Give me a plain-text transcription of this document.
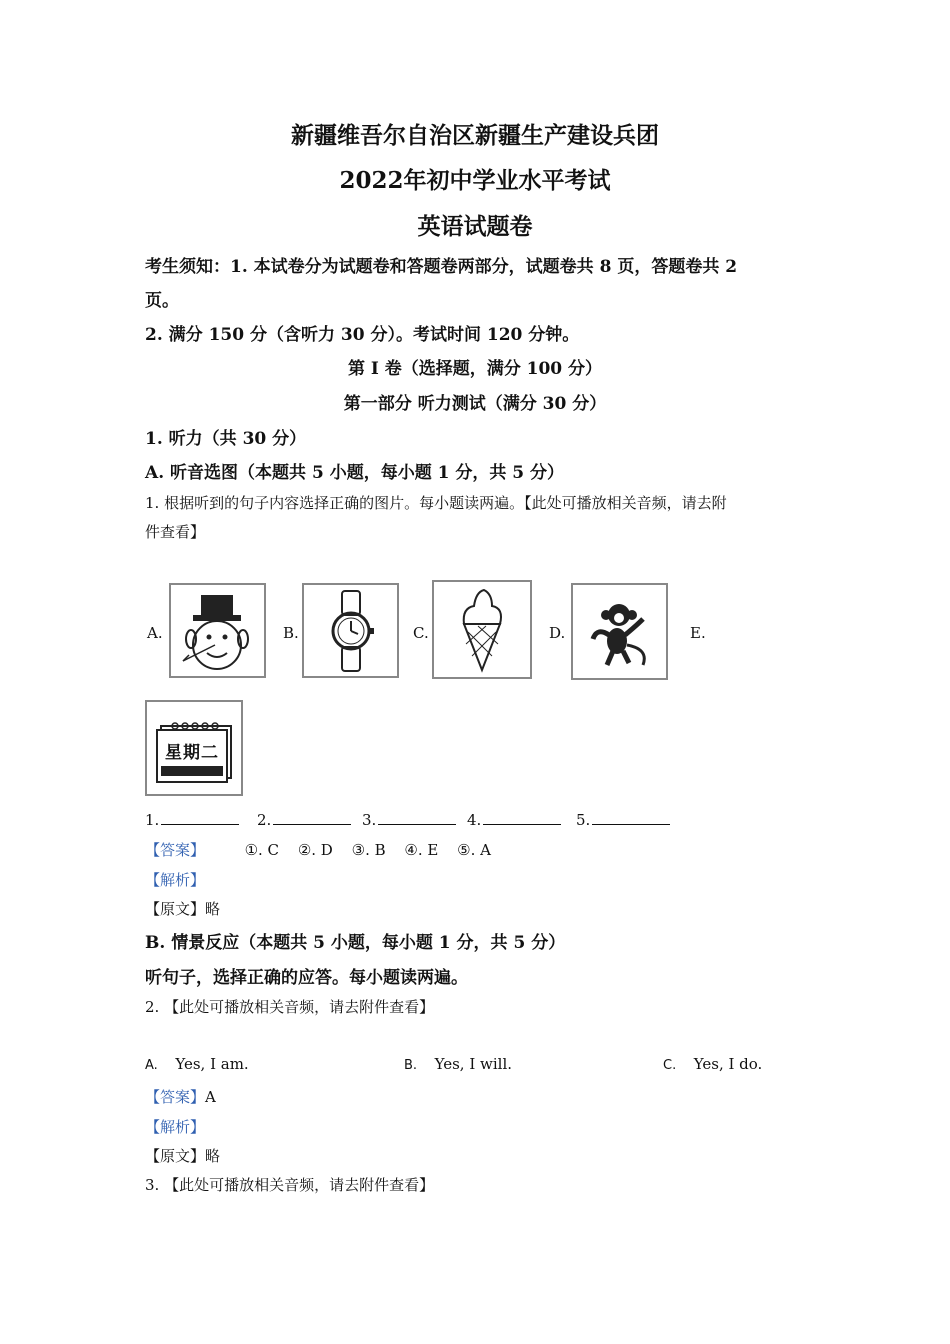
新疆维吾尔自治区新疆生产建设兵团
2022年初中学业水平考试
英语试题卷
考生须知：1. 本试卷分为试题卷和答题卷两部分，试题卷共 8 页，答题卷共 2
页。
2. 满分 150 分（含听力 30 分）。考试时间 120 分钟。
第 I 卷（选择题，满分 100 分）
第一部分 听力测试（满分 30 分）
1. 听力（共 30 分）
A. 听音选图（本题共 5 小题，每小题 1 分，共 5 分）
1. 根据听到的句子内容选择正确的图片。每小题读两遍。【此处可播放相关音频，请去附
件查看】
A.	B.	C.	D.	E.
星期二
1.	2.	3.	4.	5.
【答案】	①. C ②. D ③. B ④. E ⑤. A
【解析】
【原文】略
B. 情景反应（本题共 5 小题，每小题 1 分，共 5 分）
听句子，选择正确的应答。每小题读两遍。
2. 【此处可播放相关音频，请去附件查看】
A. Yes, I am.	B. Yes, I will.	C. Yes, I do.
【答案】A
【解析】
【原文】略
3. 【此处可播放相关音频，请去附件查看】
